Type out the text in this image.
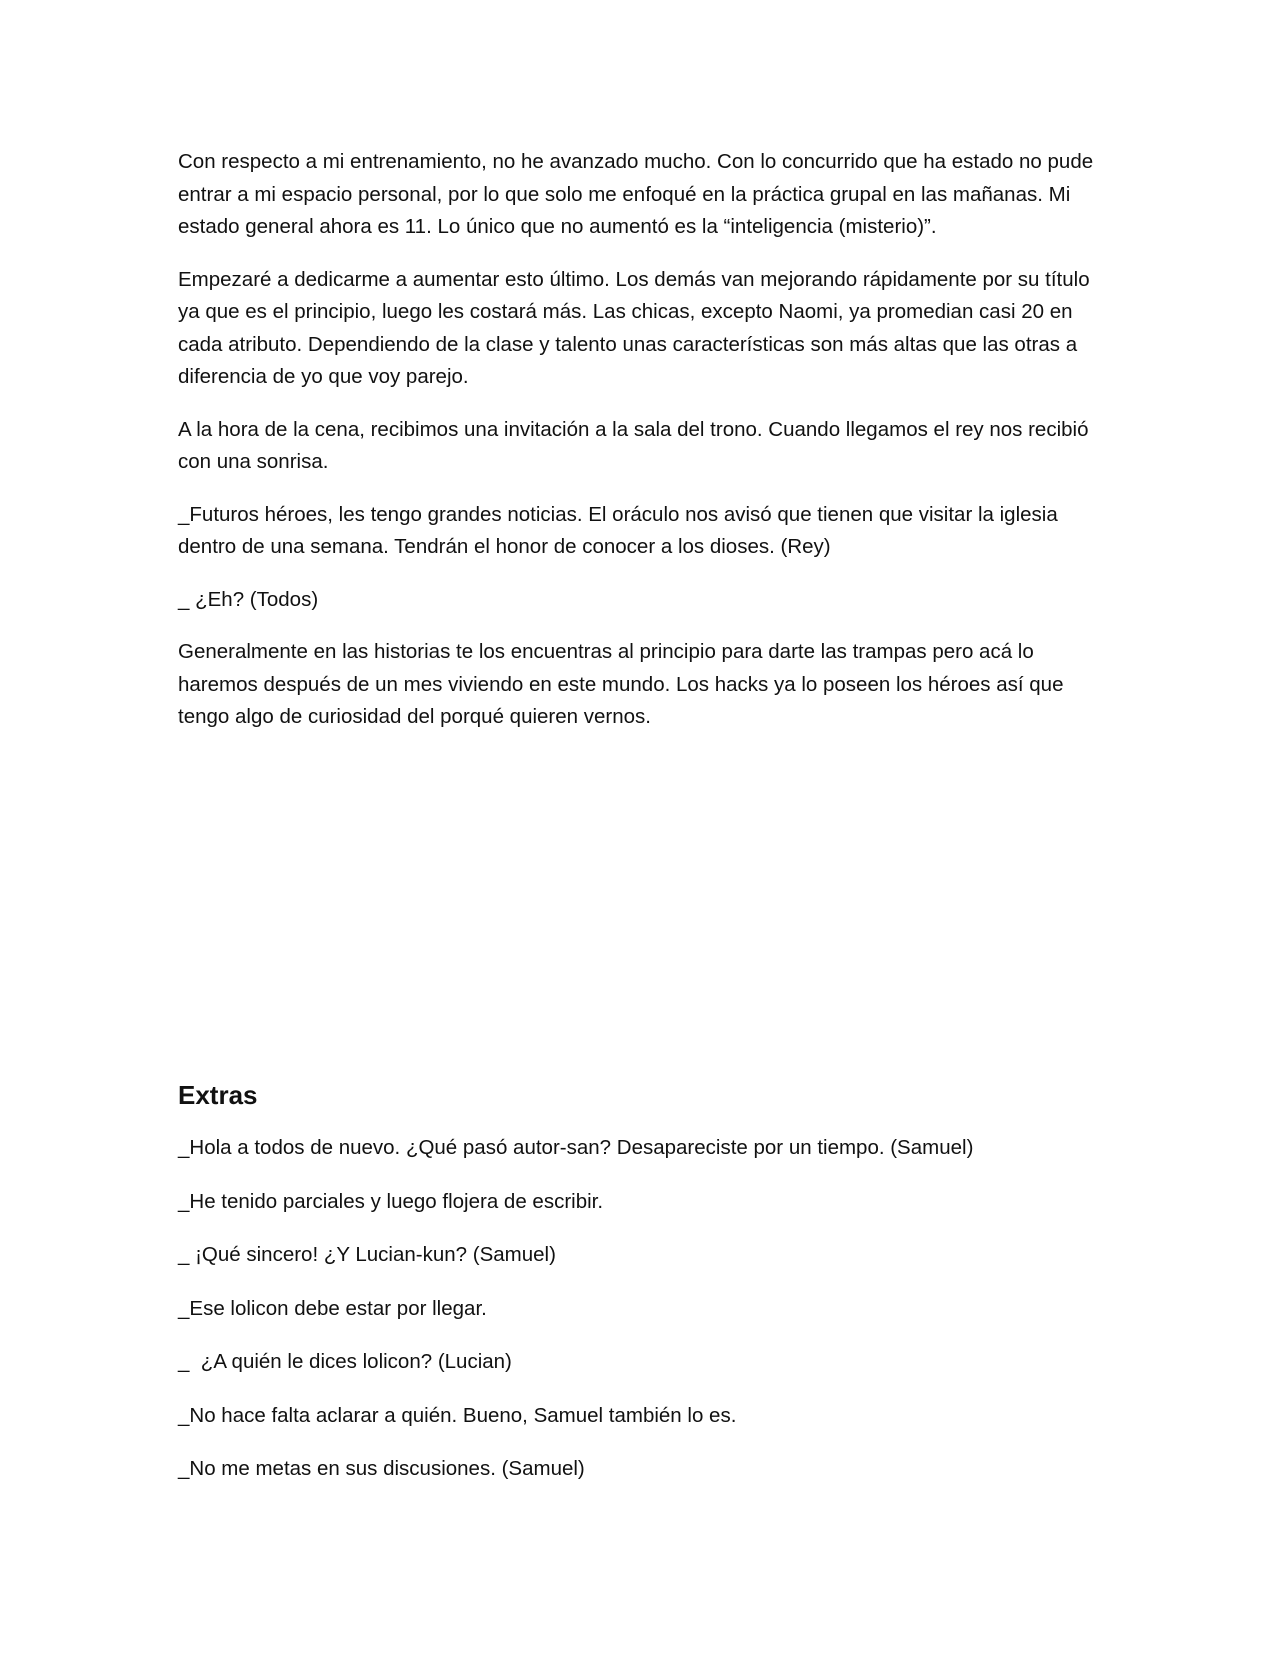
Con respecto a mi entrenamiento, no he avanzado mucho. Con lo concurrido que ha estado no pude entrar a mi espacio personal, por lo que solo me enfoqué en la práctica grupal en las mañanas. Mi estado general ahora es 11. Lo único que no aumentó es la “inteligencia (misterio)”.

Empezaré a dedicarme a aumentar esto último. Los demás van mejorando rápidamente por su título ya que es el principio, luego les costará más. Las chicas, excepto Naomi, ya promedian casi 20 en cada atributo. Dependiendo de la clase y talento unas características son más altas que las otras a diferencia de yo que voy parejo.

A la hora de la cena, recibimos una invitación a la sala del trono. Cuando llegamos el rey nos recibió con una sonrisa.

_Futuros héroes, les tengo grandes noticias. El oráculo nos avisó que tienen que visitar la iglesia dentro de una semana. Tendrán el honor de conocer a los dioses. (Rey)

_ ¿Eh? (Todos)

Generalmente en las historias te los encuentras al principio para darte las trampas pero acá lo haremos después de un mes viviendo en este mundo. Los hacks ya lo poseen los héroes así que tengo algo de curiosidad del porqué quieren vernos.

Extras

_Hola a todos de nuevo. ¿Qué pasó autor-san? Desapareciste por un tiempo. (Samuel)

_He tenido parciales y luego flojera de escribir.

_ ¡Qué sincero! ¿Y Lucian-kun? (Samuel)

_Ese lolicon debe estar por llegar.

_  ¿A quién le dices lolicon? (Lucian)

_No hace falta aclarar a quién. Bueno, Samuel también lo es.

_No me metas en sus discusiones. (Samuel)
